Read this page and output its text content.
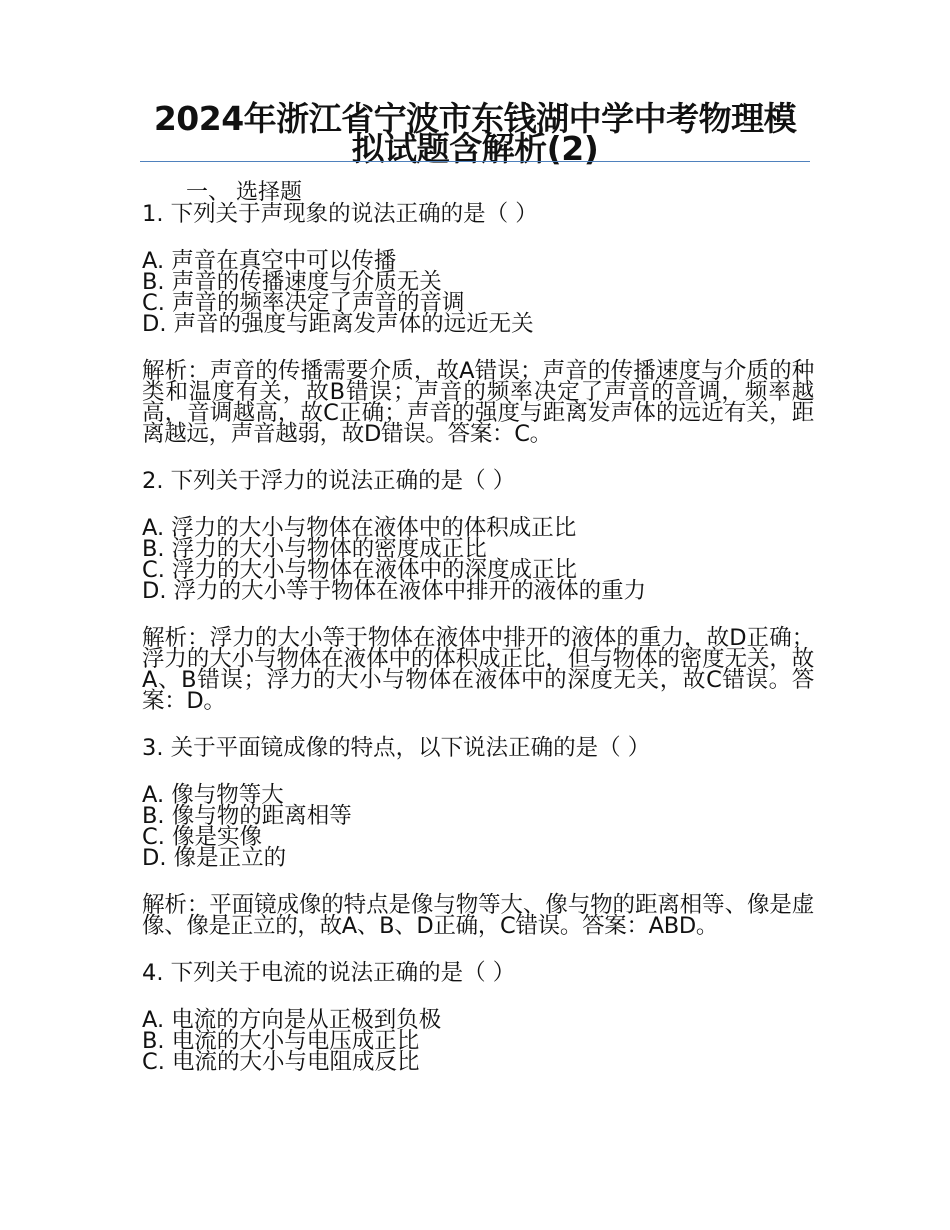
2024年浙江省宁波市东钱湖中学中考物理模拟试题含解析(2)
一、 选择题
1. 下列关于声现象的说法正确的是（ ）
A. 声音在真空中可以传播
B. 声音的传播速度与介质无关
C. 声音的频率决定了声音的音调
D. 声音的强度与距离发声体的远近无关
解析：声音的传播需要介质，故A错误；声音的传播速度与介质的种类和温度有关，故B错误；声音的频率决定了声音的音调，频率越高，音调越高，故C正确；声音的强度与距离发声体的远近有关，距离越远，声音越弱，故D错误。答案：C。
2. 下列关于浮力的说法正确的是（ ）
A. 浮力的大小与物体在液体中的体积成正比
B. 浮力的大小与物体的密度成正比
C. 浮力的大小与物体在液体中的深度成正比
D. 浮力的大小等于物体在液体中排开的液体的重力
解析：浮力的大小等于物体在液体中排开的液体的重力，故D正确；浮力的大小与物体在液体中的体积成正比，但与物体的密度无关，故A、B错误；浮力的大小与物体在液体中的深度无关，故C错误。答案：D。
3. 关于平面镜成像的特点，以下说法正确的是（ ）
A. 像与物等大
B. 像与物的距离相等
C. 像是实像
D. 像是正立的
解析：平面镜成像的特点是像与物等大、像与物的距离相等、像是虚像、像是正立的，故A、B、D正确，C错误。答案：ABD。
4. 下列关于电流的说法正确的是（ ）
A. 电流的方向是从正极到负极
B. 电流的大小与电压成正比
C. 电流的大小与电阻成反比
